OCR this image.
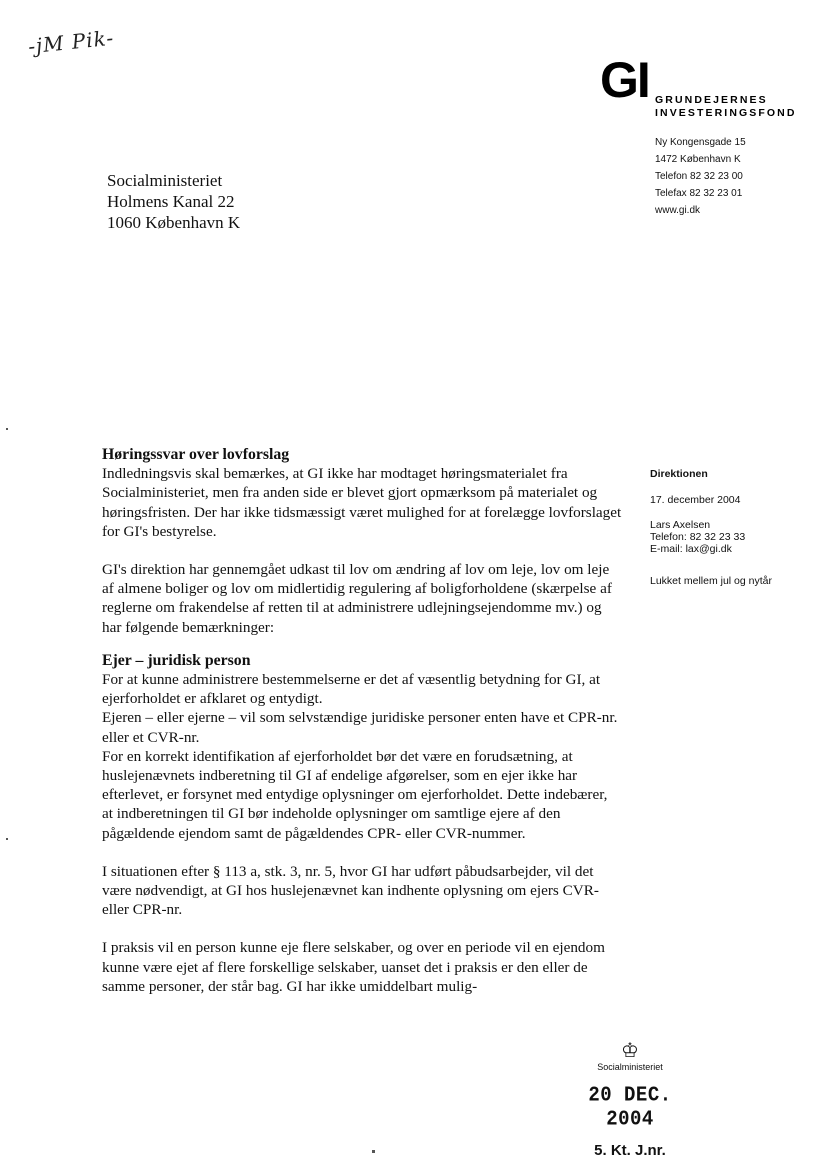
-jM Pik-
GI GRUNDEJERNES
INVESTERINGSFOND
Ny Kongensgade 15
1472 København K
Telefon 82 32 23 00
Telefax 82 32 23 01
www.gi.dk
Socialministeriet
Holmens Kanal 22
1060 København K
Direktionen
17. december 2004
Lars Axelsen
Telefon: 82 32 23 33
E-mail: lax@gi.dk
Lukket mellem jul og nytår
Høringssvar over lovforslag

Indledningsvis skal bemærkes, at GI ikke har modtaget høringsmaterialet fra Socialministeriet, men fra anden side er blevet gjort opmærksom på materialet og høringsfristen. Der har ikke tidsmæssigt været mulighed for at forelægge lovforslaget for GI's bestyrelse.

GI's direktion har gennemgået udkast til lov om ændring af lov om leje, lov om leje af almene boliger og lov om midlertidig regulering af boligforholdene (skærpelse af reglerne om frakendelse af retten til at administrere udlejningsejendomme mv.) og har følgende bemærkninger:

Ejer – juridisk person

For at kunne administrere bestemmelserne er det af væsentlig betydning for GI, at ejerforholdet er afklaret og entydigt.

Ejeren – eller ejerne – vil som selvstændige juridiske personer enten have et CPR-nr. eller et CVR-nr.

For en korrekt identifikation af ejerforholdet bør det være en forudsætning, at huslejenævnets indberetning til GI af endelige afgørelser, som en ejer ikke har efterlevet, er forsynet med entydige oplysninger om ejerforholdet. Dette indebærer, at indberetningen til GI bør indeholde oplysninger om samtlige ejere af den pågældende ejendom samt de pågældendes CPR- eller CVR-nummer.

I situationen efter § 113 a, stk. 3, nr. 5, hvor GI har udført påbudsarbejder, vil det være nødvendigt, at GI hos huslejenævnet kan indhente oplysning om ejers CVR- eller CPR-nr.

I praksis vil en person kunne eje flere selskaber, og over en periode vil en ejendom kunne være ejet af flere forskellige selskaber, uanset det i praksis er den eller de samme personer, der står bag. GI har ikke umiddelbart mulig-

♔
Socialministeriet
20 DEC. 2004
5. Kt. J.nr.
